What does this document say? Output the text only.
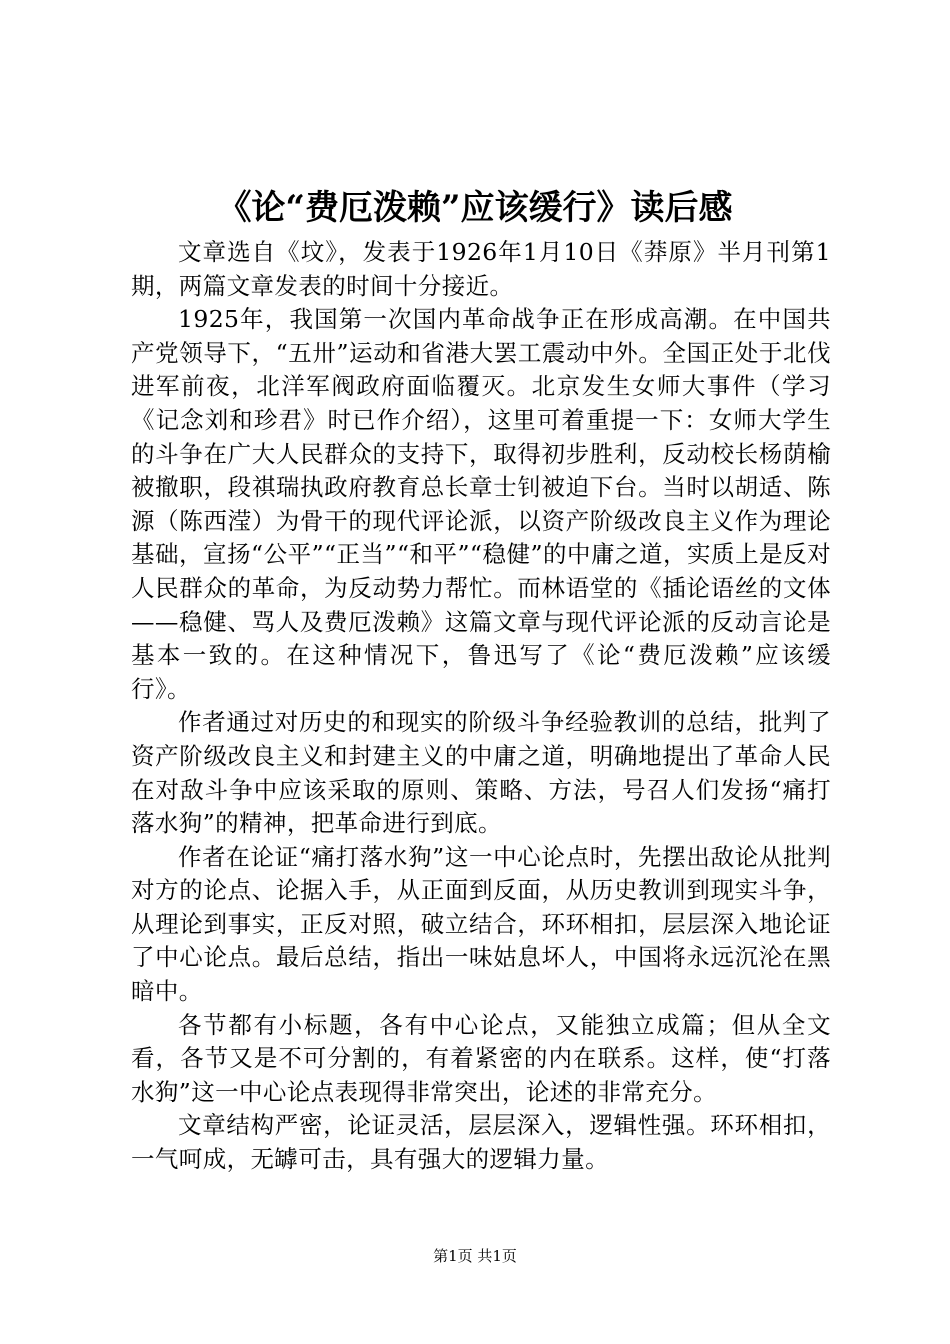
《论“费厄泼赖”应该缓行》读后感

文章选自《坟》，发表于1926年1月10日《莽原》半月刊第1期，两篇文章发表的时间十分接近。

1925年，我国第一次国内革命战争正在形成高潮。在中国共产党领导下，“五卅”运动和省港大罢工震动中外。全国正处于北伐进军前夜，北洋军阀政府面临覆灭。北京发生女师大事件（学习《记念刘和珍君》时已作介绍），这里可着重提一下：女师大学生的斗争在广大人民群众的支持下，取得初步胜利，反动校长杨荫榆被撤职，段祺瑞执政府教育总长章士钊被迫下台。当时以胡适、陈源（陈西滢）为骨干的现代评论派，以资产阶级改良主义作为理论基础，宣扬“公平”“正当”“和平”“稳健”的中庸之道，实质上是反对人民群众的革命，为反动势力帮忙。而林语堂的《插论语丝的文体——稳健、骂人及费厄泼赖》这篇文章与现代评论派的反动言论是基本一致的。在这种情况下，鲁迅写了《论“费厄泼赖”应该缓行》。

作者通过对历史的和现实的阶级斗争经验教训的总结，批判了资产阶级改良主义和封建主义的中庸之道，明确地提出了革命人民在对敌斗争中应该采取的原则、策略、方法，号召人们发扬“痛打落水狗”的精神，把革命进行到底。

作者在论证“痛打落水狗”这一中心论点时，先摆出敌论从批判对方的论点、论据入手，从正面到反面，从历史教训到现实斗争，从理论到事实，正反对照，破立结合，环环相扣，层层深入地论证了中心论点。最后总结，指出一味姑息坏人，中国将永远沉沦在黑暗中。

各节都有小标题，各有中心论点，又能独立成篇；但从全文看，各节又是不可分割的，有着紧密的内在联系。这样，使“打落水狗”这一中心论点表现得非常突出，论述的非常充分。

文章结构严密，论证灵活，层层深入，逻辑性强。环环相扣，一气呵成，无罅可击，具有强大的逻辑力量。

第1页 共1页
